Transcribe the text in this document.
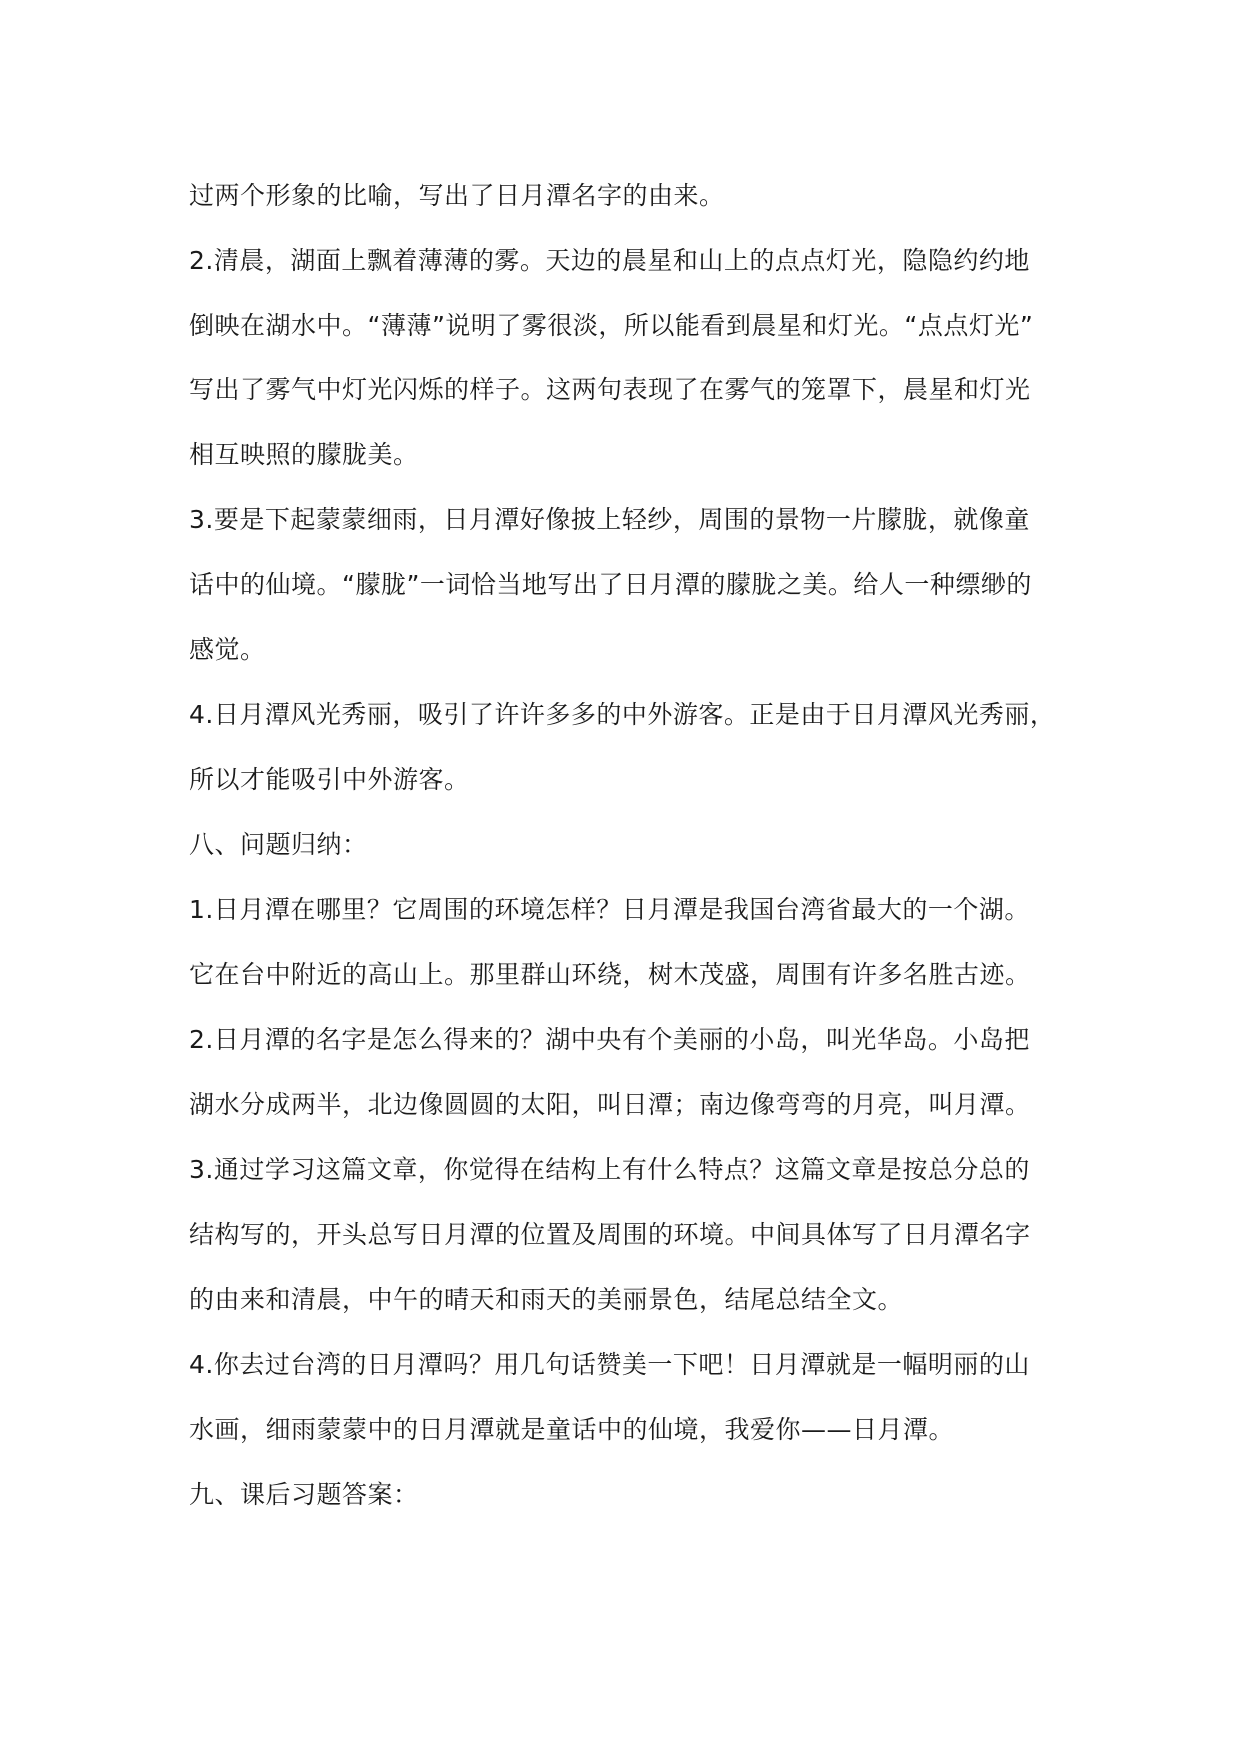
过两个形象的比喻，写出了日月潭名字的由来。
2.清晨，湖面上飘着薄薄的雾。天边的晨星和山上的点点灯光，隐隐约约地
倒映在湖水中。“薄薄”说明了雾很淡，所以能看到晨星和灯光。“点点灯光”
写出了雾气中灯光闪烁的样子。这两句表现了在雾气的笼罩下，晨星和灯光
相互映照的朦胧美。
3.要是下起蒙蒙细雨，日月潭好像披上轻纱，周围的景物一片朦胧，就像童
话中的仙境。“朦胧”一词恰当地写出了日月潭的朦胧之美。给人一种缥缈的
感觉。
4.日月潭风光秀丽，吸引了许许多多的中外游客。正是由于日月潭风光秀丽，
所以才能吸引中外游客。
八、问题归纳：
1.日月潭在哪里？它周围的环境怎样？日月潭是我国台湾省最大的一个湖。
它在台中附近的高山上。那里群山环绕，树木茂盛，周围有许多名胜古迹。
2.日月潭的名字是怎么得来的？湖中央有个美丽的小岛，叫光华岛。小岛把
湖水分成两半，北边像圆圆的太阳，叫日潭；南边像弯弯的月亮，叫月潭。
3.通过学习这篇文章，你觉得在结构上有什么特点？这篇文章是按总分总的
结构写的，开头总写日月潭的位置及周围的环境。中间具体写了日月潭名字
的由来和清晨，中午的晴天和雨天的美丽景色，结尾总结全文。
4.你去过台湾的日月潭吗？用几句话赞美一下吧！日月潭就是一幅明丽的山
水画，细雨蒙蒙中的日月潭就是童话中的仙境，我爱你——日月潭。
九、课后习题答案：
